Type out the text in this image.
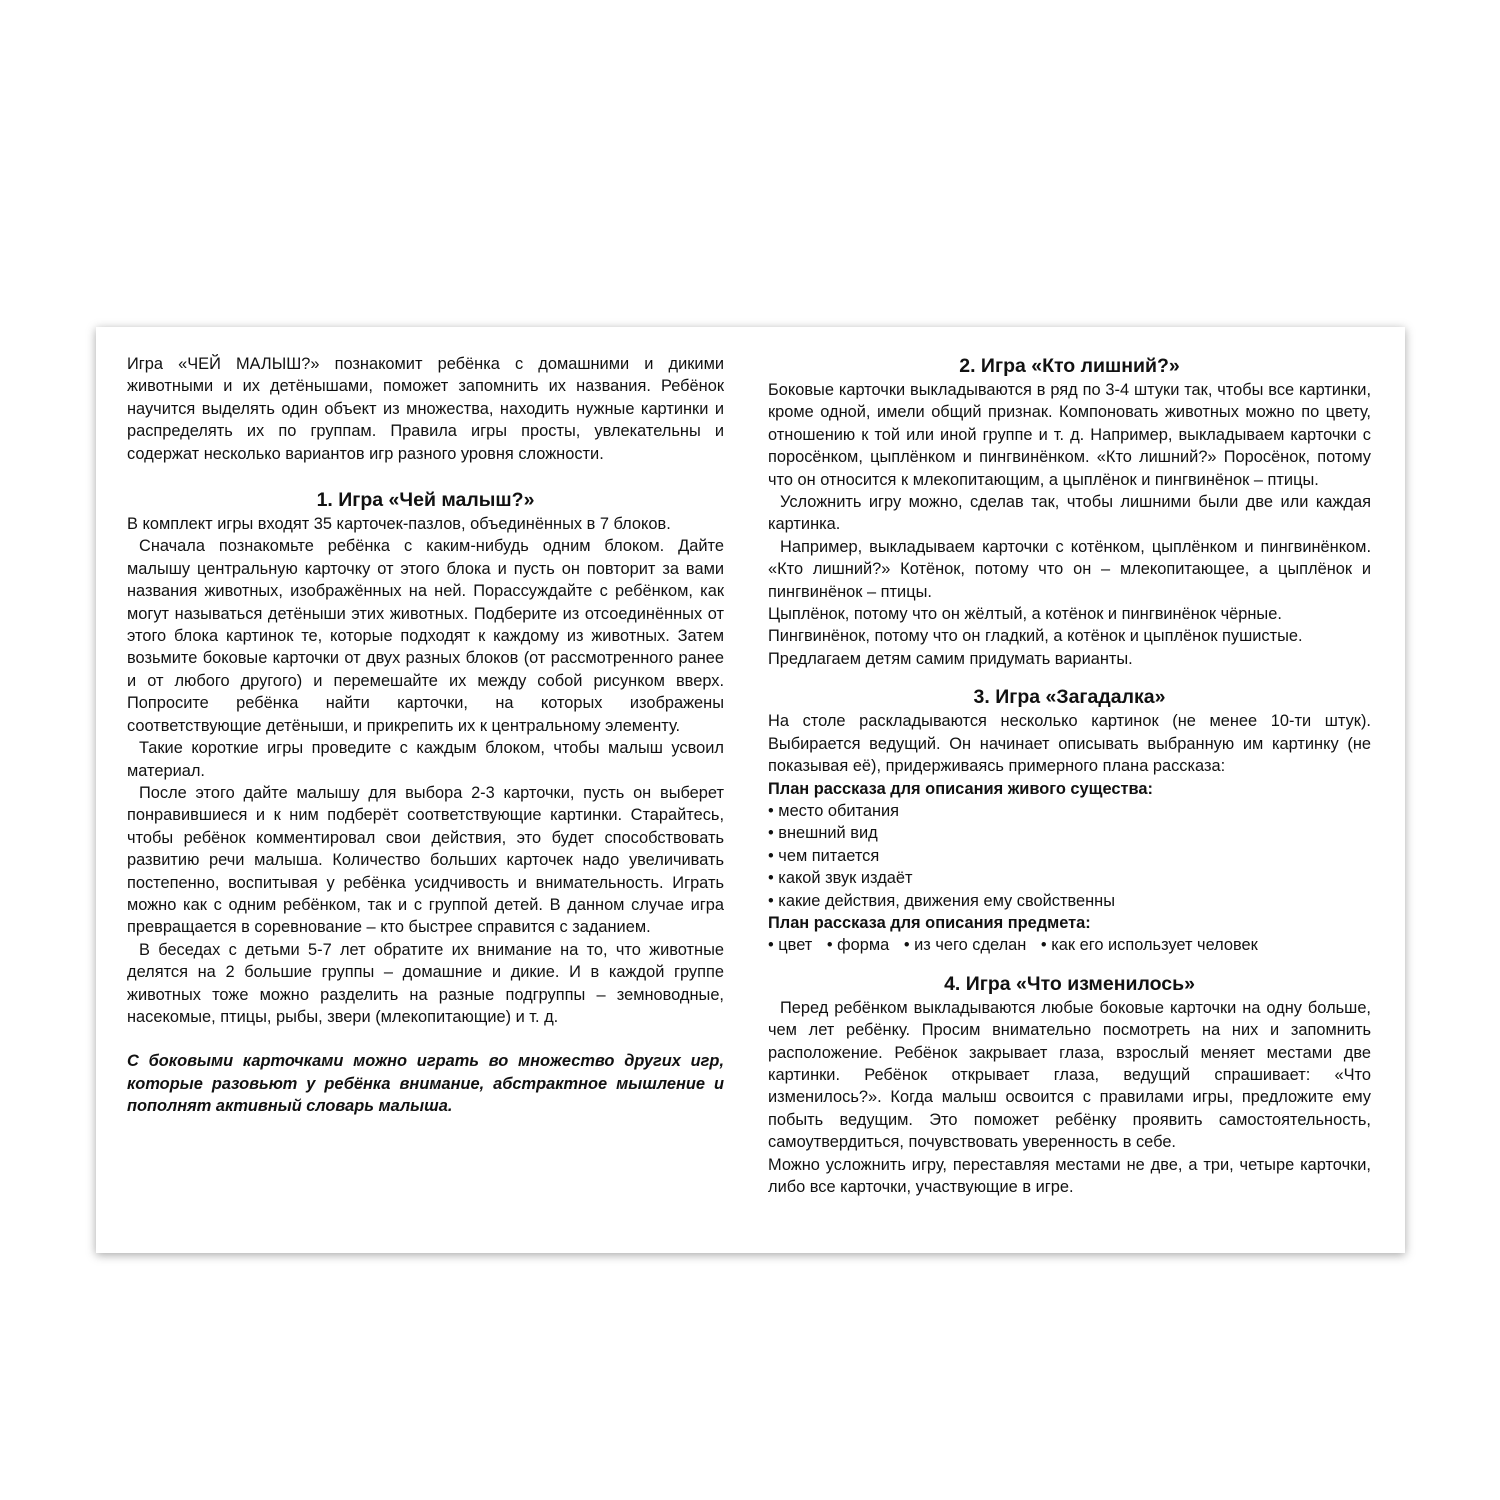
Игра «ЧЕЙ МАЛЫШ?» познакомит ребёнка с домашними и дикими животными и их детёнышами, поможет запомнить их названия. Ребёнок научится выделять один объект из множества, находить нужные картинки и распределять их по группам. Правила игры просты, увлекательны и содержат несколько вариантов игр разного уровня сложности.

1. Игра «Чей малыш?»

В комплект игры входят 35 карточек-пазлов, объединённых в 7 блоков.

Сначала познакомьте ребёнка с каким-нибудь одним блоком. Дайте малышу центральную карточку от этого блока и пусть он повторит за вами названия животных, изображённых на ней. Порассуждайте с ребёнком, как могут называться детёныши этих животных. Подберите из отсоединённых от этого блока картинок те, которые подходят к каждому из животных. Затем возьмите боковые карточки от двух разных блоков (от рассмотренного ранее и от любого другого) и перемешайте их между собой рисунком вверх. Попросите ребёнка найти карточки, на которых изображены соответствующие детёныши, и прикрепить их к центральному элементу.

Такие короткие игры проведите с каждым блоком, чтобы малыш усвоил материал.

После этого дайте малышу для выбора 2-3 карточки, пусть он выберет понравившиеся и к ним подберёт соответствующие картинки. Старайтесь, чтобы ребёнок комментировал свои действия, это будет способствовать развитию речи малыша. Количество больших карточек надо увеличивать постепенно, воспитывая у ребёнка усидчивость и внимательность. Играть можно как с одним ребёнком, так и с группой детей. В данном случае игра превращается в соревнование – кто быстрее справится с заданием.

В беседах с детьми 5-7 лет обратите их внимание на то, что животные делятся на 2 большие группы – домашние и дикие. И в каждой группе животных тоже можно разделить на разные подгруппы – земноводные, насекомые, птицы, рыбы, звери (млекопитающие) и т. д.

С боковыми карточками можно играть во множество других игр, которые разовьют у ребёнка внимание, абстрактное мышление и пополнят активный словарь малыша.

2. Игра «Кто лишний?»

Боковые карточки выкладываются в ряд по 3-4 штуки так, чтобы все картинки, кроме одной, имели общий признак. Компоновать животных можно по цвету, отношению к той или иной группе и т. д. Например, выкладываем карточки с поросёнком, цыплёнком и пингвинёнком. «Кто лишний?» Поросёнок, потому что он относится к млекопитающим, а цыплёнок и пингвинёнок – птицы.

Усложнить игру можно, сделав так, чтобы лишними были две или каждая картинка.

Например, выкладываем карточки с котёнком, цыплёнком и пингвинёнком. «Кто лишний?» Котёнок, потому что он – млекопитающее, а цыплёнок и пингвинёнок – птицы.

Цыплёнок, потому что он жёлтый, а котёнок и пингвинёнок чёрные.

Пингвинёнок, потому что он гладкий, а котёнок и цыплёнок пушистые.

Предлагаем детям самим придумать варианты.

3. Игра «Загадалка»

На столе раскладываются несколько картинок (не менее 10-ти штук). Выбирается ведущий. Он начинает описывать выбранную им картинку (не показывая её), придерживаясь примерного плана рассказа:

План рассказа для описания живого существа:

• место обитания
• внешний вид
• чем питается
• какой звук издаёт
• какие действия, движения ему свойственны

План рассказа для описания предмета:

• цвет • форма • из чего сделан • как его использует человек

4. Игра «Что изменилось»

Перед ребёнком выкладываются любые боковые карточки на одну больше, чем лет ребёнку. Просим внимательно посмотреть на них и запомнить расположение. Ребёнок закрывает глаза, взрослый меняет местами две картинки. Ребёнок открывает глаза, ведущий спрашивает: «Что изменилось?». Когда малыш освоится с правилами игры, предложите ему побыть ведущим. Это поможет ребёнку проявить самостоятельность, самоутвердиться, почувствовать уверенность в себе.

Можно усложнить игру, переставляя местами не две, а три, четыре карточки, либо все карточки, участвующие в игре.
